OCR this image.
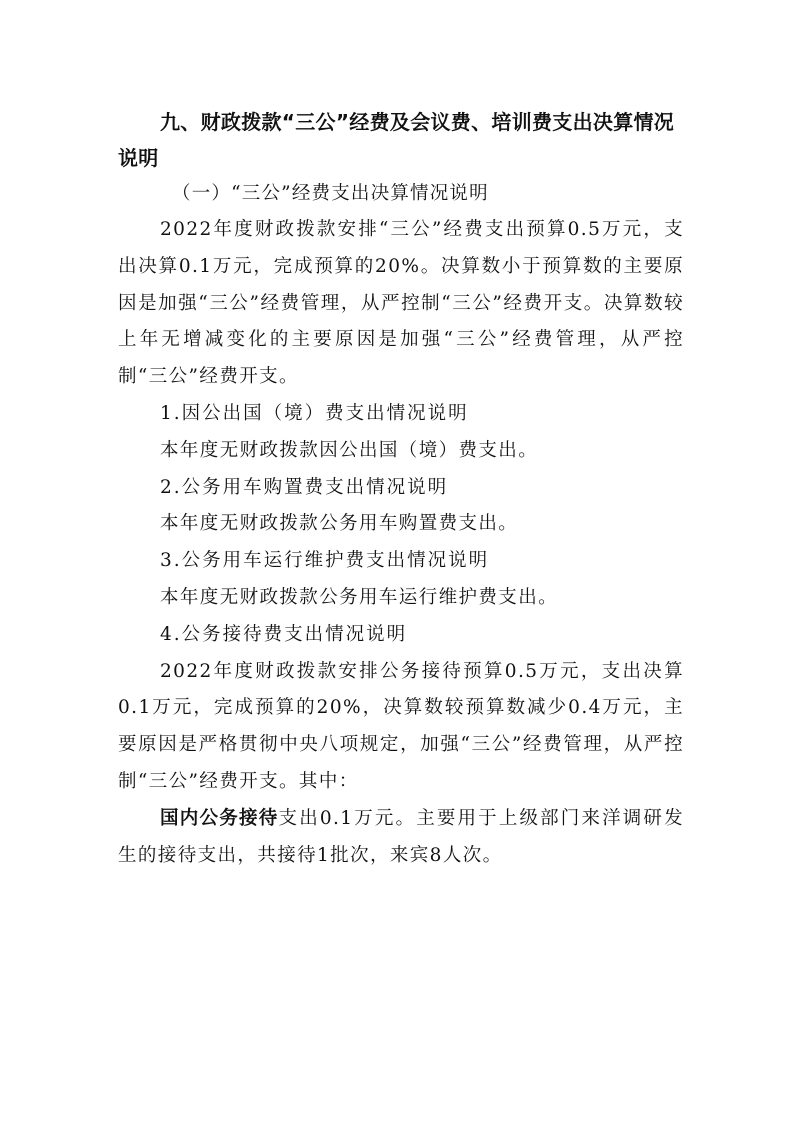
九、财政拨款“三公”经费及会议费、培训费支出决算情况说明

（一）“三公”经费支出决算情况说明

2022年度财政拨款安排“三公”经费支出预算0.5万元，支出决算0.1万元，完成预算的20%。决算数小于预算数的主要原因是加强“三公”经费管理，从严控制“三公”经费开支。决算数较上年无增减变化的主要原因是加强“三公”经费管理，从严控制“三公”经费开支。

1.因公出国（境）费支出情况说明

本年度无财政拨款因公出国（境）费支出。

2.公务用车购置费支出情况说明

本年度无财政拨款公务用车购置费支出。

3.公务用车运行维护费支出情况说明

本年度无财政拨款公务用车运行维护费支出。

4.公务接待费支出情况说明

2022年度财政拨款安排公务接待预算0.5万元，支出决算0.1万元，完成预算的20%，决算数较预算数减少0.4万元，主要原因是严格贯彻中央八项规定，加强“三公”经费管理，从严控制“三公”经费开支。其中：

国内公务接待支出0.1万元。主要用于上级部门来洋调研发生的接待支出，共接待1批次，来宾8人次。
